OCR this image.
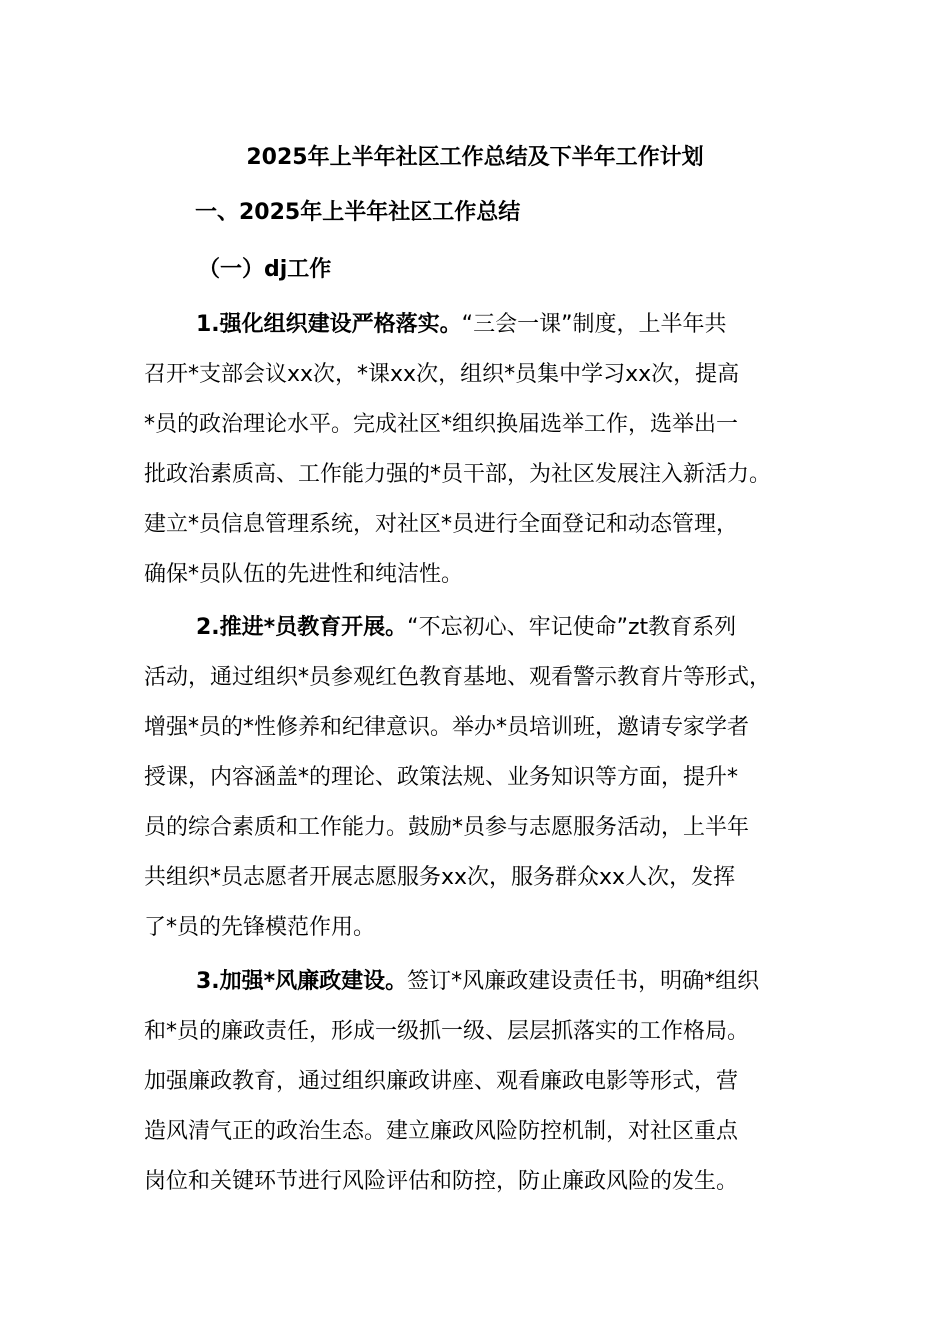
2025年上半年社区工作总结及下半年工作计划
一、2025年上半年社区工作总结
（一）dj工作
1.强化组织建设严格落实。“三会一课”制度，上半年共
召开*支部会议xx次，*课xx次，组织*员集中学习xx次，提高
*员的政治理论水平。完成社区*组织换届选举工作，选举出一
批政治素质高、工作能力强的*员干部，为社区发展注入新活力。
建立*员信息管理系统，对社区*员进行全面登记和动态管理，
确保*员队伍的先进性和纯洁性。
2.推进*员教育开展。“不忘初心、牢记使命”zt教育系列
活动，通过组织*员参观红色教育基地、观看警示教育片等形式，
增强*员的*性修养和纪律意识。举办*员培训班，邀请专家学者
授课，内容涵盖*的理论、政策法规、业务知识等方面，提升*
员的综合素质和工作能力。鼓励*员参与志愿服务活动，上半年
共组织*员志愿者开展志愿服务xx次，服务群众xx人次，发挥
了*员的先锋模范作用。
3.加强*风廉政建设。签订*风廉政建设责任书，明确*组织
和*员的廉政责任，形成一级抓一级、层层抓落实的工作格局。
加强廉政教育，通过组织廉政讲座、观看廉政电影等形式，营
造风清气正的政治生态。建立廉政风险防控机制，对社区重点
岗位和关键环节进行风险评估和防控，防止廉政风险的发生。
